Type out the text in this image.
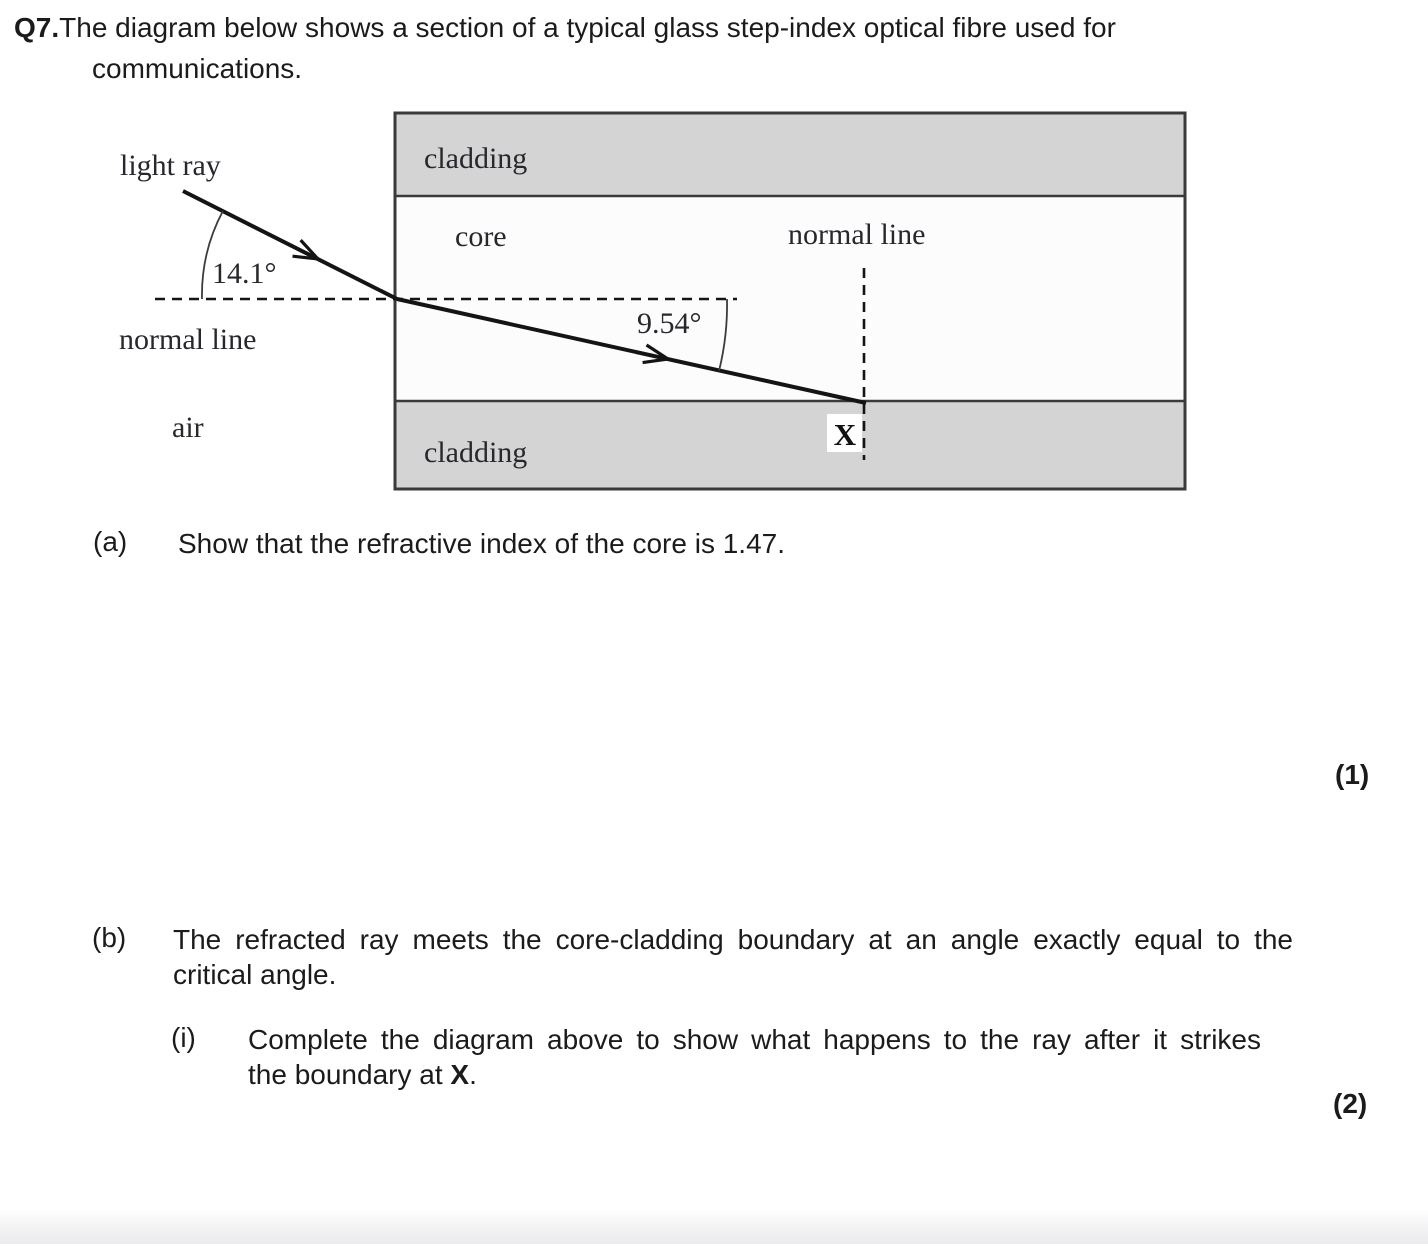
Q7.The diagram below shows a section of a typical glass step-index optical fibre used for
communications.
light ray
14.1°
normal line
air
cladding
core	normal line
9.54°
X
cladding
(a) Show that the refractive index of the core is 1.47.
(1)
(b) The refracted ray meets the core-cladding boundary at an angle exactly equal to the
critical angle.
(i) Complete the diagram above to show what happens to the ray after it strikes
the boundary at X.
(2)
